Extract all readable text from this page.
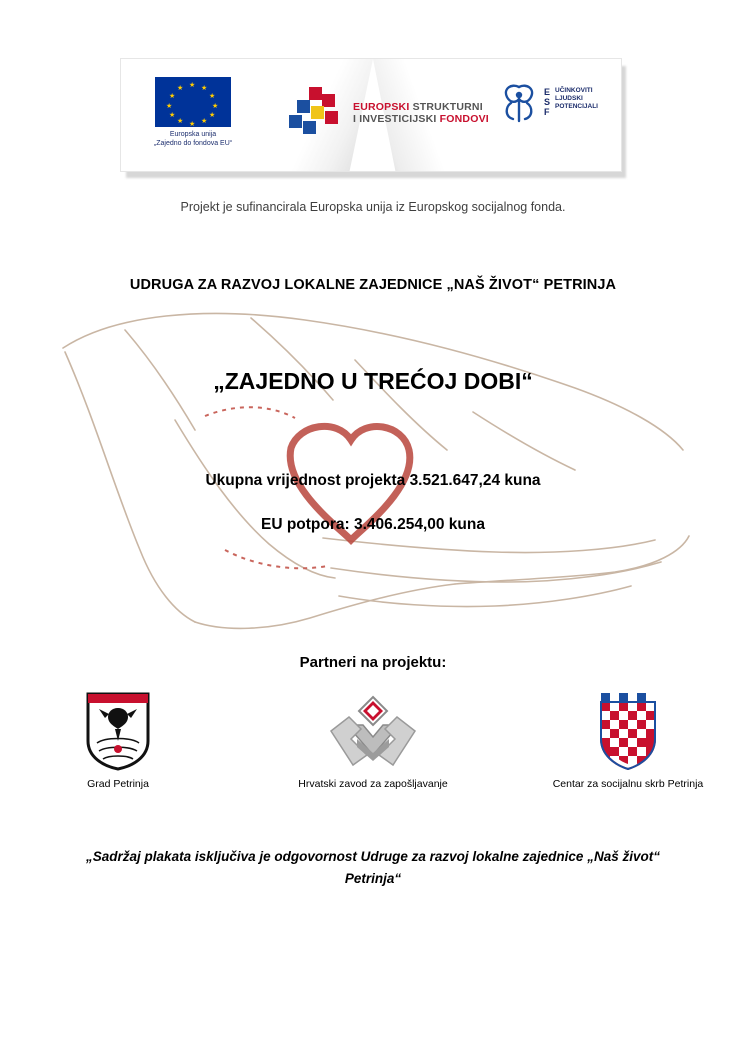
★ ★
★
★
★
★
★
★
★
★
★
★
Europska unija
„Zajedno do fondova EU“
EUROPSKI STRUKTURNI
I INVESTICIJSKI FONDOVI
E
S
F
UČINKOVITI
LJUDSKI
POTENCIJALI
Projekt je sufinancirala Europska unija iz Europskog socijalnog fonda.
UDRUGA ZA RAZVOJ LOKALNE ZAJEDNICE „NAŠ ŽIVOT“ PETRINJA
„ZAJEDNO U TREĆOJ DOBI“
Ukupna vrijednost projekta 3.521.647,24 kuna
EU potpora: 3.406.254,00 kuna
Partneri na projektu:
Grad Petrinja	Hrvatski zavod za zapošljavanje	Centar za socijalnu skrb Petrinja
„Sadržaj plakata isključiva je odgovornost Udruge za razvoj lokalne zajednice „Naš život“ Petrinja“
